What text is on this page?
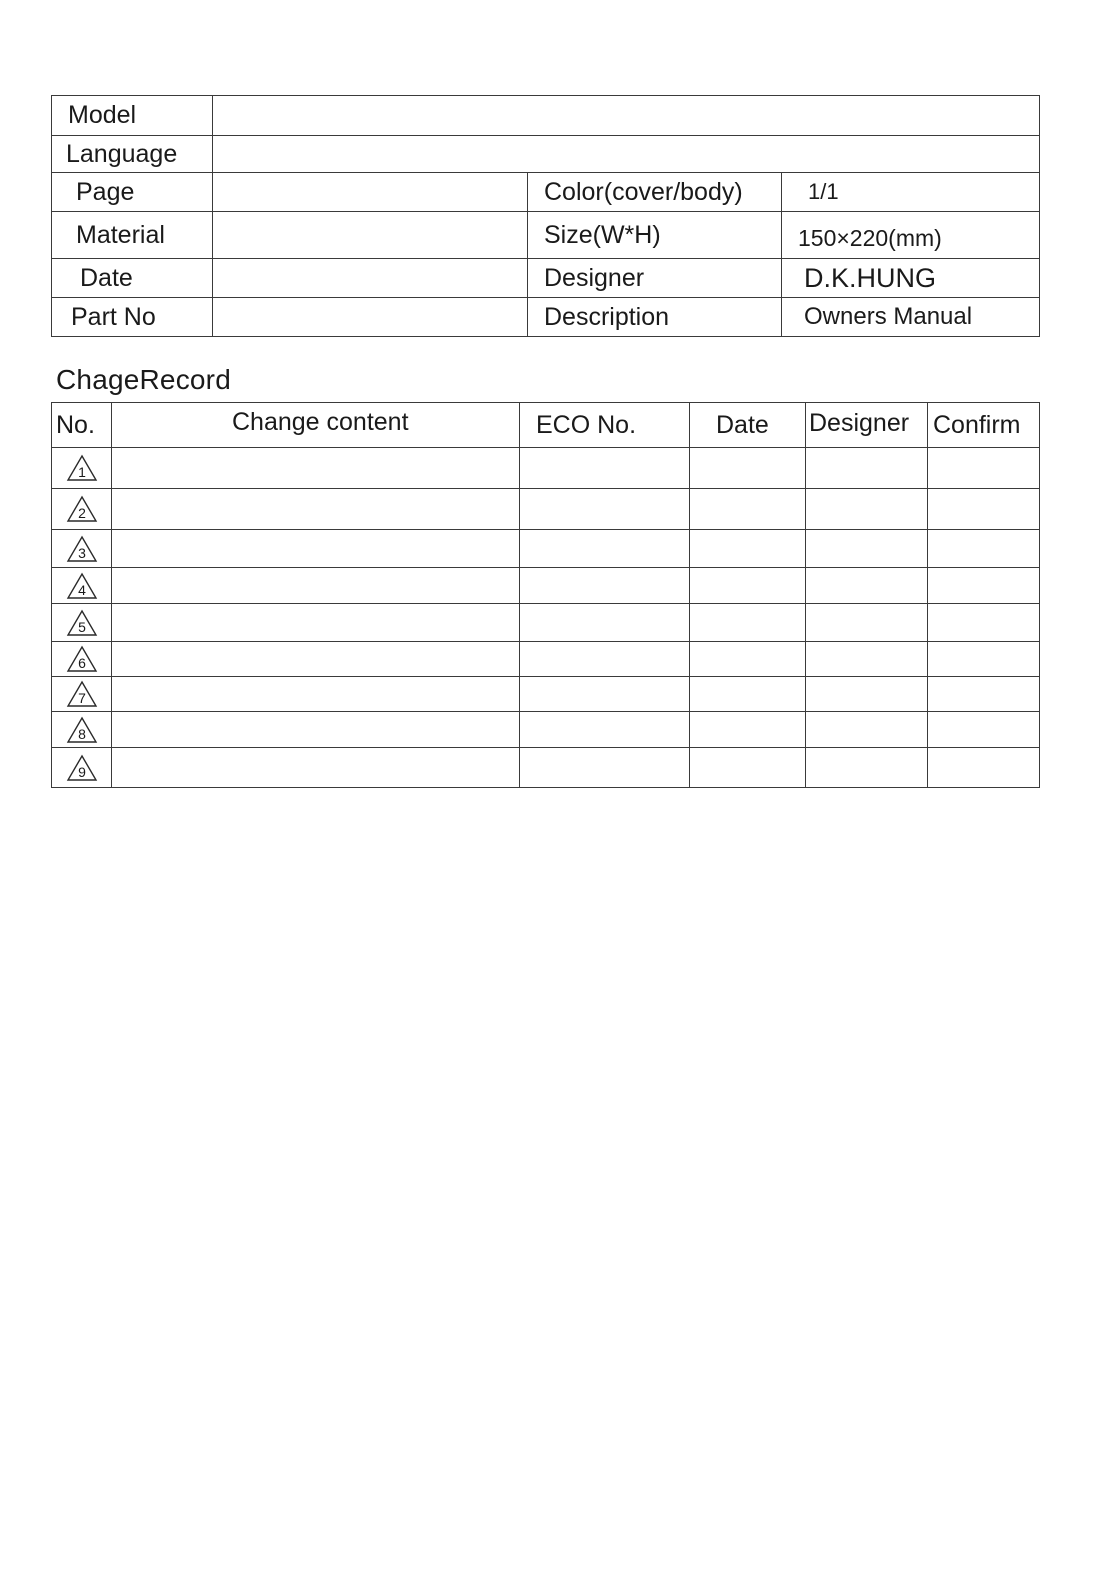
Model			
Language			
Page		Color(cover/body)	1/1
Material		Size(W*H)	150×220(mm)
Date		Designer	D.K.HUNG
Part No		Description	Owners Manual
ChageRecord
No.	Change content	ECO No.	Date	Designer	Confirm

1					

2					

3					

4					

5					

6					

7					

8					

9					
